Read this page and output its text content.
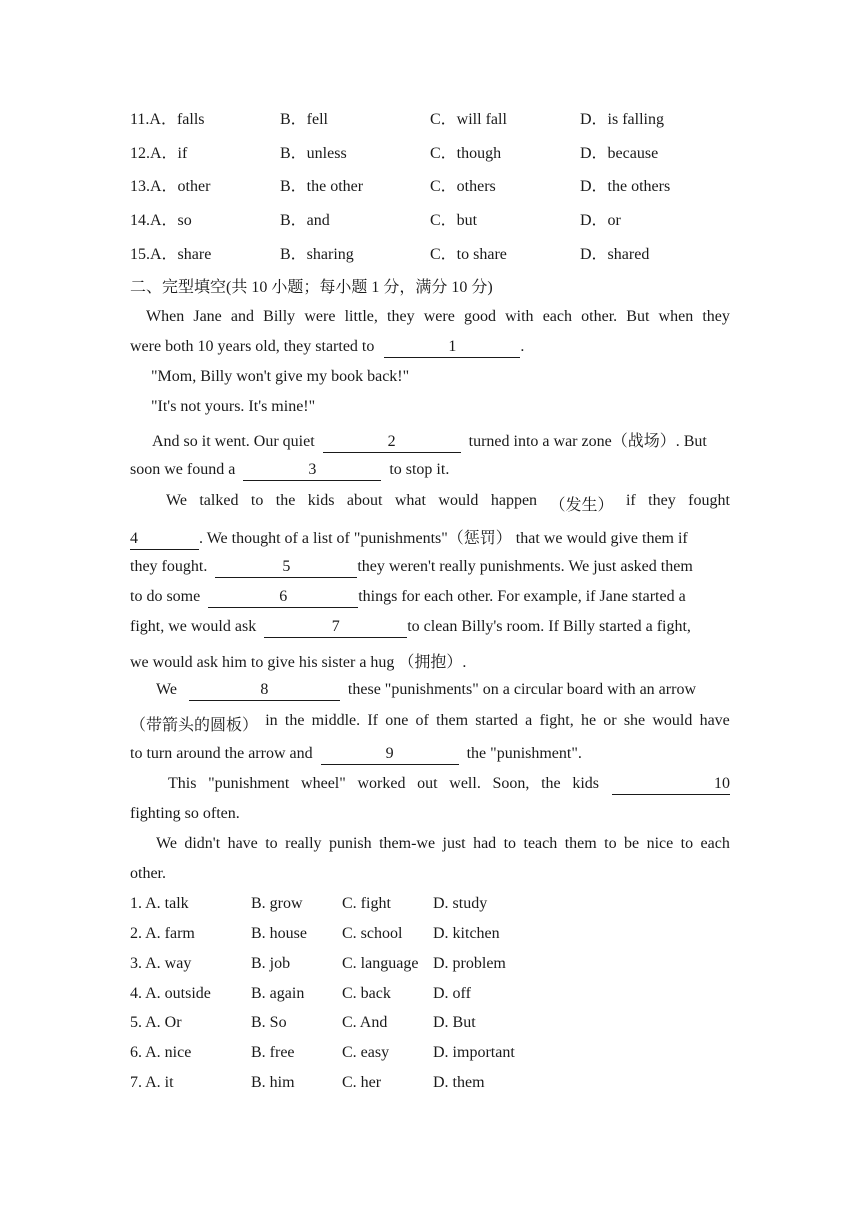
11.A．falls	B．fell	C．will fall	D．is falling
12.A．if	B．unless	C．though	D．because
13.A．other	B．the other	C．others	D．the others
14.A．so	B．and	C．but	D．or
15.A．share	B．sharing	C．to share	D．shared
二、完型填空(共 10 小题；每小题 1 分，满分 10 分)
When Jane and Billy were little, they were good with each other. But when they
were both 10 years old, they started to	1	.
"Mom, Billy won't give my book back!"
"It's not yours. It's mine!"
And so it went. Our quiet	2	turned into a war zone（战场）. But
soon we found a	3	to stop it.
We talked to the kids about what would happen （发生） if they fought
4	. We thought of a list of "punishments"（惩罚） that we would give them if
they fought.	5	they weren't really punishments. We just asked them
to do some	6	things for each other. For example, if Jane started a
fight, we would ask	7	to clean Billy's room. If Billy started a fight,
we would ask him to give his sister a hug （拥抱）.
We	8	these "punishments" on a circular board with an arrow
（带箭头的圆板） in the middle. If one of them started a fight, he or she would have
to turn around the arrow and	9	the "punishment".
This "punishment wheel" worked out well. Soon, the kids	10
fighting so often.
We didn't have to really punish them-we just had to teach them to be nice to each
other.
1. A. talk	B. grow C. fight	D. study
2. A. farm	B. house C. school D. kitchen
3. A. way	B. job	C. language D. problem
4. A. outside	B. again C. back	D. off
5. A. Or	B. So	C. And	D. But
6. A. nice	B. free	C. easy	D. important
7. A. it	B. him	C. her	D. them
